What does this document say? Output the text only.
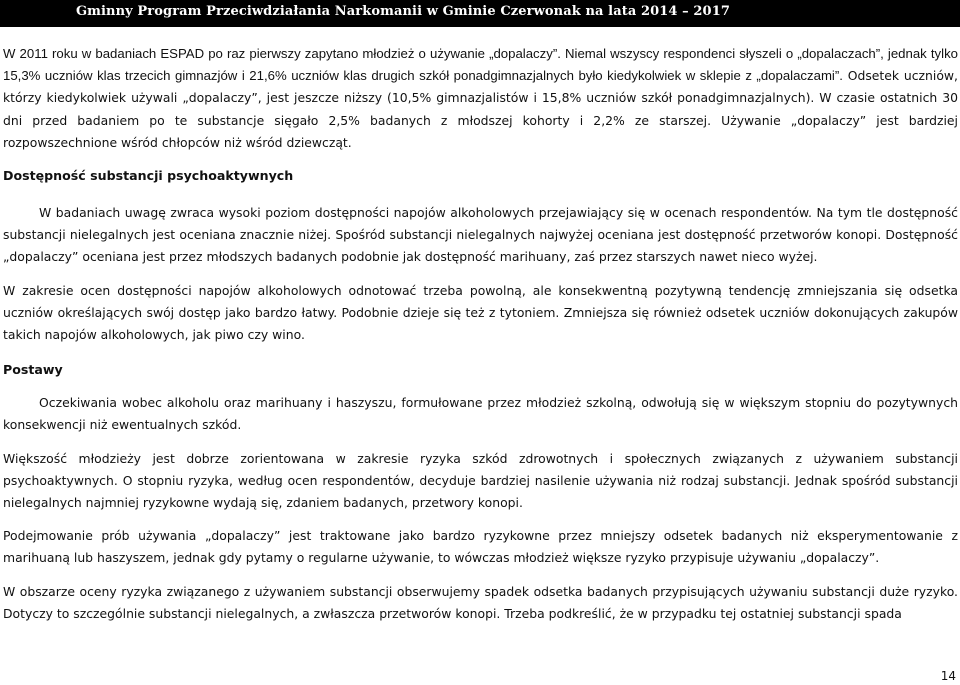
Gminny Program Przeciwdziałania Narkomanii w Gminie Czerwonak na lata 2014 – 2017

W 2011 roku w badaniach ESPAD po raz pierwszy zapytano młodzież o używanie „dopalaczy”. Niemal wszyscy respondenci słyszeli o „dopalaczach”, jednak tylko 15,3% uczniów klas trzecich gimnazjów i 21,6% uczniów klas drugich szkół ponadgimnazjalnych było kiedykolwiek w sklepie z „dopalaczami”. Odsetek uczniów, którzy kiedykolwiek używali „dopalaczy”, jest jeszcze niższy (10,5% gimnazjalistów i 15,8% uczniów szkół ponadgimnazjalnych). W czasie ostatnich 30 dni przed badaniem po te substancje sięgało 2,5% badanych z młodszej kohorty i 2,2% ze starszej. Używanie „dopalaczy” jest bardziej rozpowszechnione wśród chłopców niż wśród dziewcząt.

Dostępność substancji psychoaktywnych

W badaniach uwagę zwraca wysoki poziom dostępności napojów alkoholowych przejawiający się w ocenach respondentów. Na tym tle dostępność substancji nielegalnych jest oceniana znacznie niżej. Spośród substancji nielegalnych najwyżej oceniana jest dostępność przetworów konopi. Dostępność „dopalaczy” oceniana jest przez młodszych badanych podobnie jak dostępność marihuany, zaś przez starszych nawet nieco wyżej.

W zakresie ocen dostępności napojów alkoholowych odnotować trzeba powolną, ale konsekwentną pozytywną tendencję zmniejszania się odsetka uczniów określających swój dostęp jako bardzo łatwy. Podobnie dzieje się też z tytoniem. Zmniejsza się również odsetek uczniów dokonujących zakupów takich napojów alkoholowych, jak piwo czy wino.

Postawy

Oczekiwania wobec alkoholu oraz marihuany i haszyszu, formułowane przez młodzież szkolną, odwołują się w większym stopniu do pozytywnych konsekwencji niż ewentualnych szkód.

Większość młodzieży jest dobrze zorientowana w zakresie ryzyka szkód zdrowotnych i społecznych związanych z używaniem substancji psychoaktywnych. O stopniu ryzyka, według ocen respondentów, decyduje bardziej nasilenie używania niż rodzaj substancji. Jednak spośród substancji nielegalnych najmniej ryzykowne wydają się, zdaniem badanych, przetwory konopi.

Podejmowanie prób używania „dopalaczy” jest traktowane jako bardzo ryzykowne przez mniejszy odsetek badanych niż eksperymentowanie z marihuaną lub haszyszem, jednak gdy pytamy o regularne używanie, to wówczas młodzież większe ryzyko przypisuje używaniu „dopalaczy”.

W obszarze oceny ryzyka związanego z używaniem substancji obserwujemy spadek odsetka badanych przypisujących używaniu substancji duże ryzyko. Dotyczy to szczególnie substancji nielegalnych, a zwłaszcza przetworów konopi. Trzeba podkreślić, że w przypadku tej ostatniej substancji spada

14
